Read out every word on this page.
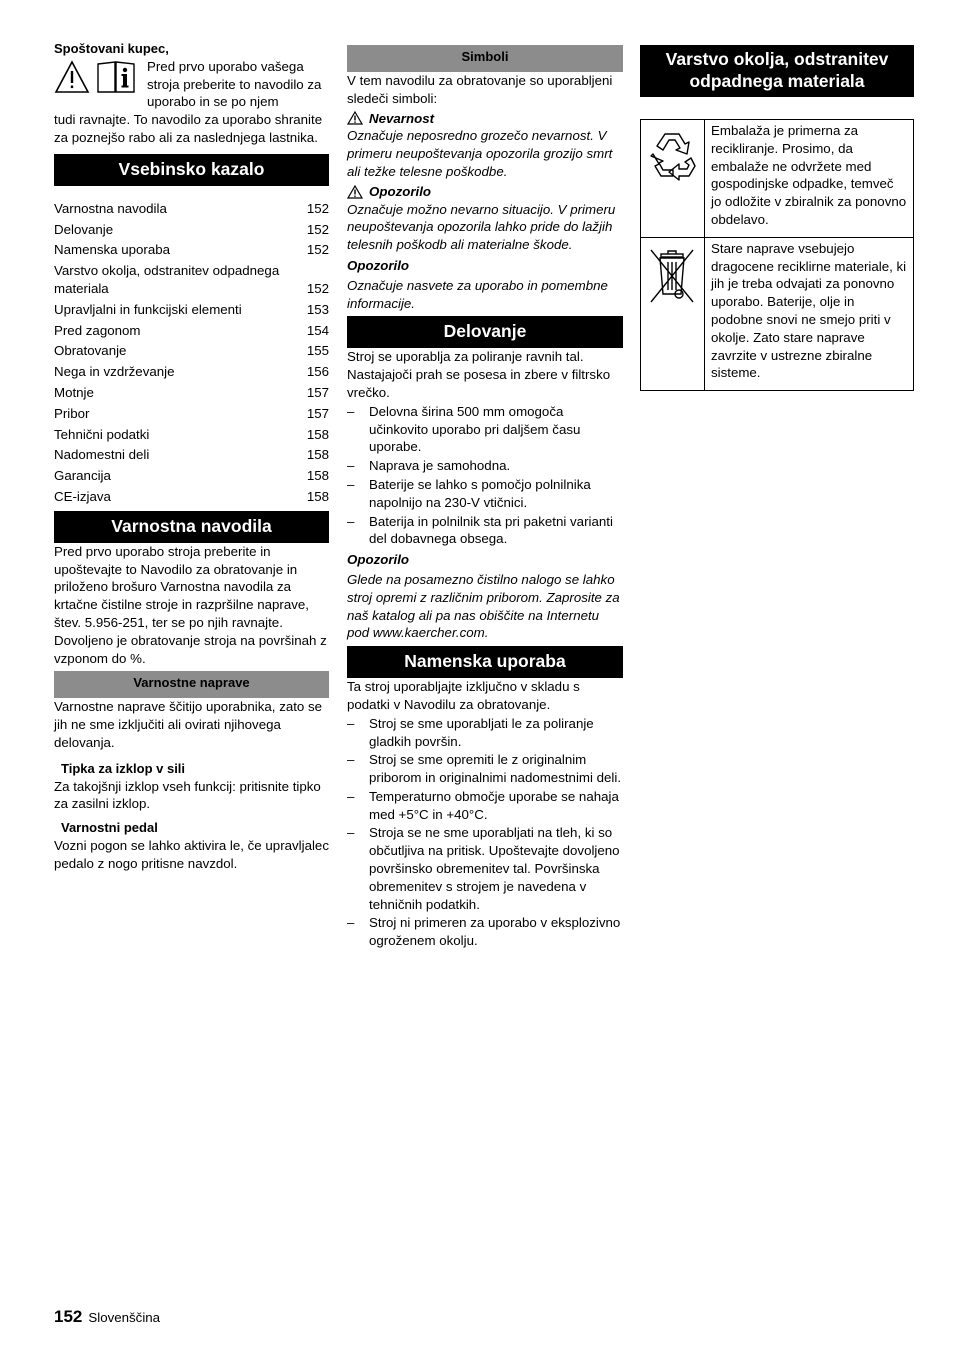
Spoštovani kupec,

Pred prvo uporabo vašega stroja preberite to navodilo za uporabo in se po njem

tudi ravnajte. To navodilo za uporabo shranite za poznejšo rabo ali za naslednjega lastnika.

Vsebinsko kazalo
Varnostna navodila	152
Delovanje	152
Namenska uporaba	152
Varstvo okolja, odstranitev odpadnega materiala	152
Upravljalni in funkcijski elementi	153
Pred zagonom	154
Obratovanje	155
Nega in vzdrževanje	156
Motnje	157
Pribor	157
Tehnični podatki	158
Nadomestni deli	158
Garancija	158
CE-izjava	158
Varnostna navodila

Pred prvo uporabo stroja preberite in upoštevajte to Navodilo za obratovanje in priloženo brošuro Varnostna navodila za krtačne čistilne stroje in razpršilne naprave, štev. 5.956-251, ter se po njih ravnajte. Dovoljeno je obratovanje stroja na površinah z vzponom do %.

Varnostne naprave

Varnostne naprave ščitijo uporabnika, zato se jih ne sme izključiti ali ovirati njihovega delovanja.

Tipka za izklop v sili

Za takojšnji izklop vseh funkcij: pritisnite tipko za zasilni izklop.

Varnostni pedal

Vozni pogon se lahko aktivira le, če upravljalec pedalo z nogo pritisne navzdol.

Simboli

V tem navodilu za obratovanje so uporabljeni sledeči simboli:

Nevarnost

Označuje neposredno grozečo nevarnost. V primeru neupoštevanja opozorila grozijo smrt ali težke telesne poškodbe.

Opozorilo

Označuje možno nevarno situacijo. V primeru neupoštevanja opozorila lahko pride do lažjih telesnih poškodb ali materialne škode.

Opozorilo

Označuje nasvete za uporabo in pomembne informacije.

Delovanje

Stroj se uporablja za poliranje ravnih tal. Nastajajoči prah se posesa in zbere v filtrsko vrečko.

– Delovna širina 500 mm omogoča učinkovito uporabo pri daljšem času uporabe.
– Naprava je samohodna.
– Baterije se lahko s pomočjo polnilnika napolnijo na 230-V vtičnici.
– Baterija in polnilnik sta pri paketni varianti del dobavnega obsega.
Opozorilo

Glede na posamezno čistilno nalogo se lahko stroj opremi z različnim priborom. Zaprosite za naš katalog ali pa nas obiščite na Internetu pod www.kaercher.com.

Namenska uporaba

Ta stroj uporabljajte izključno v skladu s podatki v Navodilu za obratovanje.

– Stroj se sme uporabljati le za poliranje gladkih površin.
– Stroj se sme opremiti le z originalnim priborom in originalnimi nadomestnimi deli.
– Temperaturno območje uporabe se nahaja med +5°C in +40°C.
– Stroja se ne sme uporabljati na tleh, ki so občutljiva na pritisk. Upoštevajte dovoljeno površinsko obremenitev tal. Površinska obremenitev s strojem je navedena v tehničnih podatkih.
– Stroj ni primeren za uporabo v eksplozivno ogroženem okolju.
Varstvo okolja, odstranitev odpadnega materiala
	Embalaža je primerna za recikliranje. Prosimo, da embalaže ne odvržete med gospodinjske odpadke, temveč jo odložite v zbiralnik za ponovno obdelavo.
	Stare naprave vsebujejo dragocene reciklirne materiale, ki jih je treba odvajati za ponovno uporabo. Baterije, olje in podobne snovi ne smejo priti v okolje. Zato stare naprave zavrzite v ustrezne zbiralne sisteme.
152 Slovenščina
